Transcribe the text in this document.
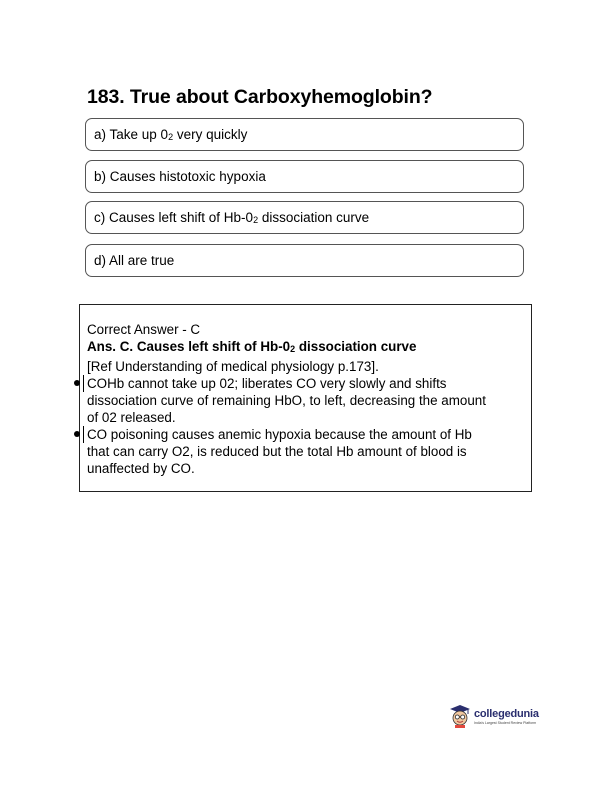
183. True about Carboxyhemoglobin?
a) Take up $0_2$ very quickly
b) Causes histotoxic hypoxia
c) Causes left shift of $Hb-0_2$ dissociation curve
d) All are true
Correct Answer - C
Ans. C. Causes left shift of $Hb-0_2$ dissociation curve
[Ref Understanding of medical physiology p.173].
COHb cannot take up 02; liberates CO very slowly and shifts
dissociation curve of remaining HbO, to left, decreasing the amount
of 02 released.
CO poisoning causes anemic hypoxia because the amount of Hb
that can carry O2, is reduced but the total Hb amount of blood is
unaffected by CO.
collegedunia
India's Largest Student Review Platform
